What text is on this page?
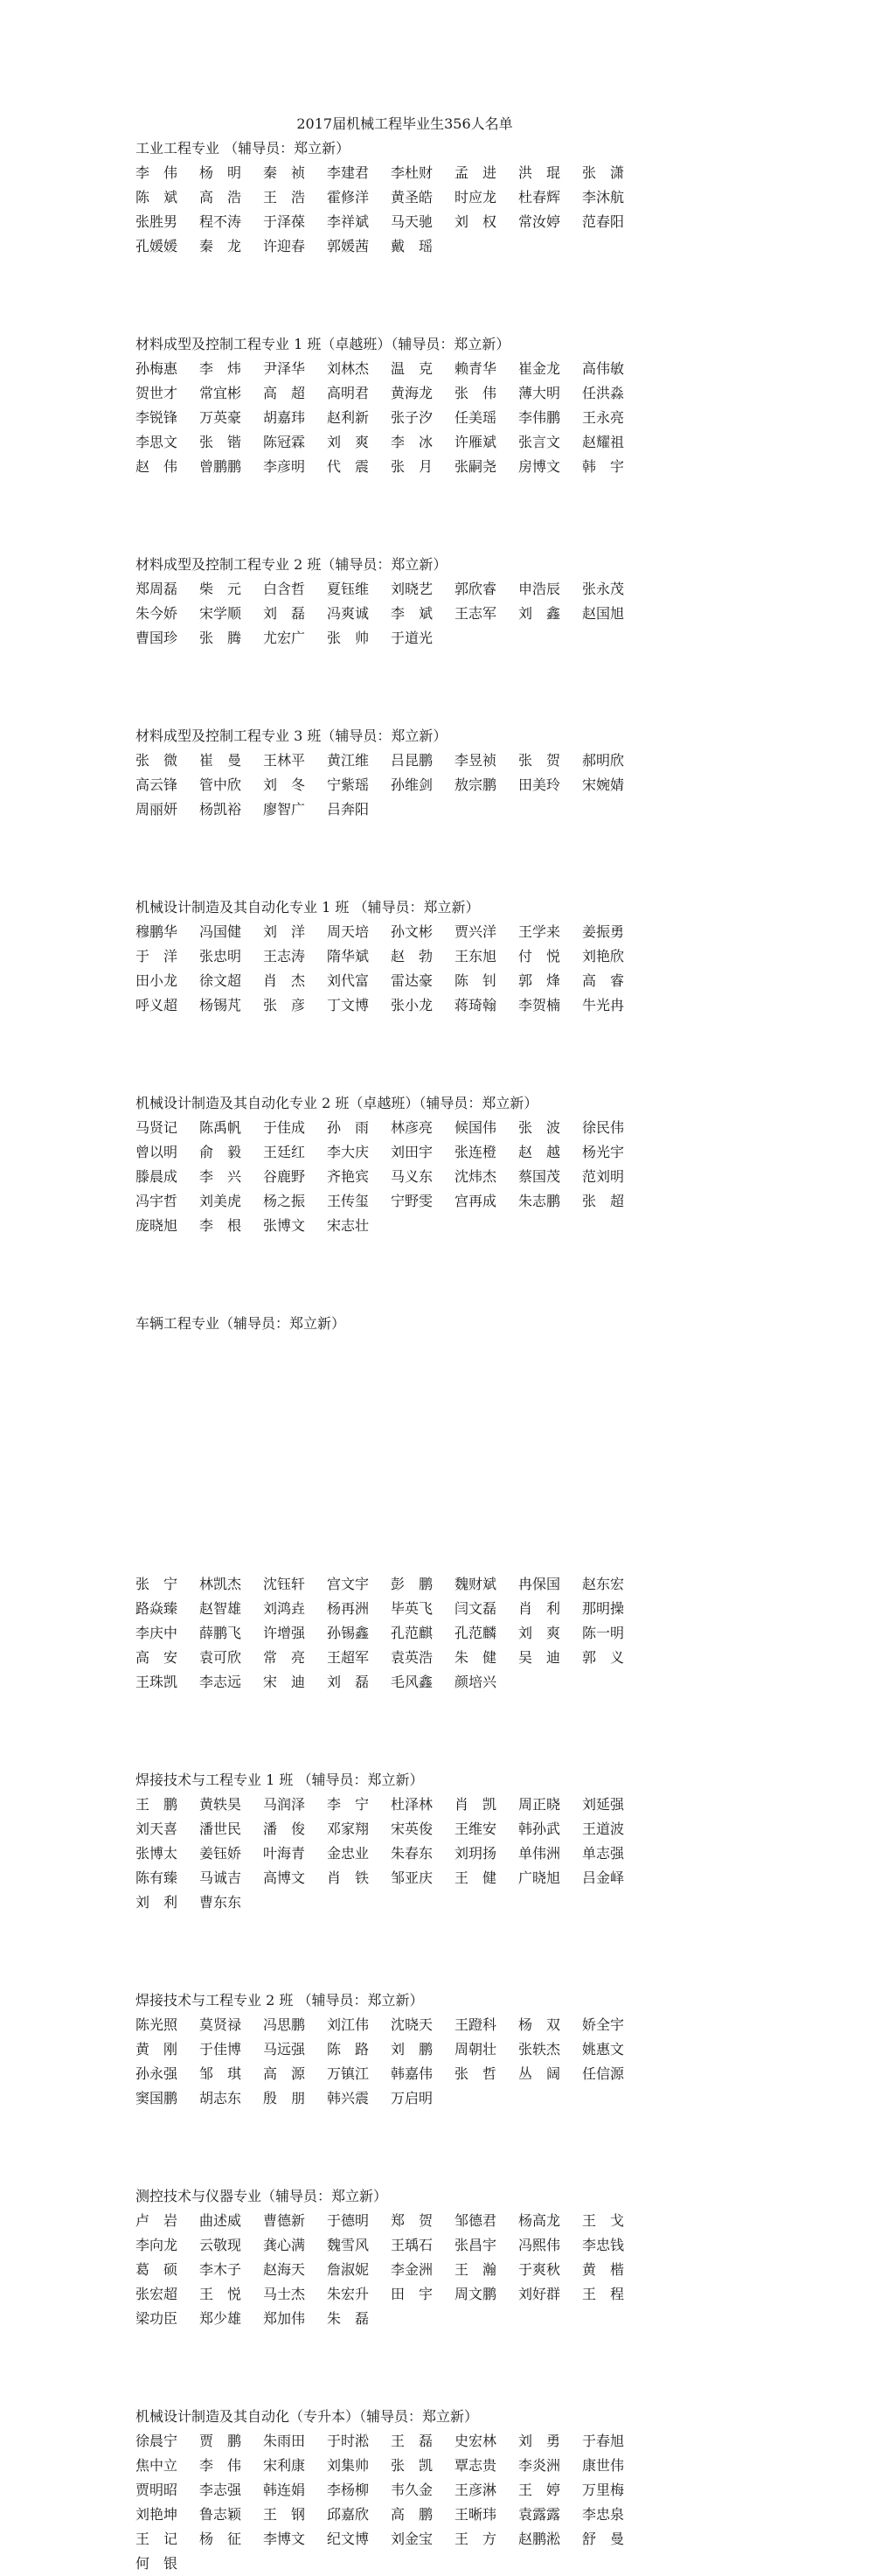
2017届机械工程毕业生356人名单
工业工程专业 （辅导员：郑立新）
李　伟	杨　明	秦　祯	李建君	李杜财	孟　进	洪　琨	张　潇
陈　斌	高　浩	王　浩	霍修洋	黄圣皓	时应龙	杜春辉	李沐航
张胜男	程不涛	于泽葆	李祥斌	马天驰	刘　权	常汝婷	范春阳
孔媛媛	秦　龙	许迎春	郭媛茜	戴　瑶
材料成型及控制工程专业 1 班（卓越班）（辅导员：郑立新）
孙梅惠	李　炜	尹泽华	刘林杰	温　克	赖青华	崔金龙	高伟敏
贺世才	常宜彬	高　超	高明君	黄海龙	张　伟	薄大明	任洪淼
李锐锋	万英豪	胡嘉玮	赵利新	张子汐	任美瑶	李伟鹏	王永亮
李思文	张　锴	陈冠霖	刘　爽	李　冰	许雁斌	张言文	赵耀祖
赵　伟	曾鹏鹏	李彦明	代　震	张　月	张嗣尧	房博文	韩　宇
材料成型及控制工程专业 2 班（辅导员：郑立新）
郑周磊	柴　元	白含哲	夏钰维	刘晓艺	郭欣睿	申浩辰	张永茂
朱今娇	宋学顺	刘　磊	冯爽诚	李　斌	王志军	刘　鑫	赵国旭
曹国珍	张　腾	尤宏广	张　帅	于道光
材料成型及控制工程专业 3 班（辅导员：郑立新）
张　微	崔　曼	王林平	黄江维	吕昆鹏	李昱祯	张　贺	郝明欣
高云锋	管中欣	刘　冬	宁紫瑶	孙维剑	敖宗鹏	田美玲	宋婉婧
周丽妍	杨凯裕	廖智广	吕奔阳
机械设计制造及其自动化专业 1 班 （辅导员：郑立新）
穆鹏华	冯国健	刘　洋	周天培	孙文彬	贾兴洋	王学来	姜振勇
于　洋	张忠明	王志涛	隋华斌	赵　勃	王东旭	付　悦	刘艳欣
田小龙	徐文超	肖　杰	刘代富	雷达豪	陈　钊	郭　烽	高　睿
呼义超	杨锡芃	张　彦	丁文博	张小龙	蒋琦翰	李贺楠	牛光冉
机械设计制造及其自动化专业 2 班（卓越班）（辅导员：郑立新）
马贤记	陈禹帆	于佳成	孙　雨	林彦亮	候国伟	张　波	徐民伟
曾以明	俞　毅	王廷红	李大庆	刘田宇	张连橙	赵　越	杨光宇
滕晨成	李　兴	谷鹿野	齐艳宾	马义东	沈炜杰	蔡国茂	范刘明
冯宇哲	刘美虎	杨之振	王传玺	宁野雯	宫再成	朱志鹏	张　超
庞晓旭	李　根	张博文	宋志壮
车辆工程专业（辅导员：郑立新）
张　宁	林凯杰	沈钰轩	宫文宇	彭　鹏	魏财斌	冉保国	赵东宏
路焱臻	赵智雄	刘鸿垚	杨再洲	毕英飞	闫文磊	肖　利	那明操
李庆中	薛鹏飞	许增强	孙锡鑫	孔范麒	孔范麟	刘　爽	陈一明
高　安	袁可欣	常　亮	王超军	袁英浩	朱　健	吴　迪	郭　义
王珠凯	李志远	宋　迪	刘　磊	毛风鑫	颜培兴
焊接技术与工程专业 1 班 （辅导员：郑立新）
王　鹏	黄轶昊	马润泽	李　宁	杜泽林	肖　凯	周正晓	刘延强
刘天喜	潘世民	潘　俊	邓家翔	宋英俊	王维安	韩孙武	王道波
张博太	姜钰娇	叶海青	金忠业	朱春东	刘玥扬	单伟洲	单志强
陈有臻	马诚吉	高博文	肖　铁	邹亚庆	王　健	广晓旭	吕金峄
刘　利	曹东东
焊接技术与工程专业 2 班 （辅导员：郑立新）
陈光照	莫贤禄	冯思鹏	刘江伟	沈晓天	王蹬科	杨　双	娇全宇
黄　刚	于佳博	马远强	陈　路	刘　鹏	周朝壮	张轶杰	姚惠文
孙永强	邹　琪	高　源	万镇江	韩嘉伟	张　哲	丛　阔	任信源
窦国鹏	胡志东	殷　朋	韩兴震	万启明
测控技术与仪器专业（辅导员：郑立新）
卢　岩	曲述威	曹德新	于德明	郑　贺	邹德君	杨高龙	王　戈
李向龙	云敬现	龚心满	魏雪风	王瑀石	张昌宇	冯熙伟	李忠钱
葛　硕	李木子	赵海天	詹淑妮	李金洲	王　瀚	于爽秋	黄　楷
张宏超	王　悦	马士杰	朱宏升	田　宇	周文鹏	刘好群	王　程
梁功臣	郑少雄	郑加伟	朱　磊
机械设计制造及其自动化（专升本）（辅导员：郑立新）
徐晨宁	贾　鹏	朱雨田	于时淞	王　磊	史宏林	刘　勇	于春旭
焦中立	李　伟	宋利康	刘集帅	张　凯	覃志贵	李炎洲	康世伟
贾明昭	李志强	韩连娟	李杨柳	韦久金	王彦淋	王　婷	万里梅
刘艳坤	鲁志颖	王　钢	邱嘉欣	高　鹏	王晰玮	袁露露	李忠泉
王　记	杨　征	李博文	纪文博	刘金宝	王　方	赵鹏淞	舒　曼
何　银
